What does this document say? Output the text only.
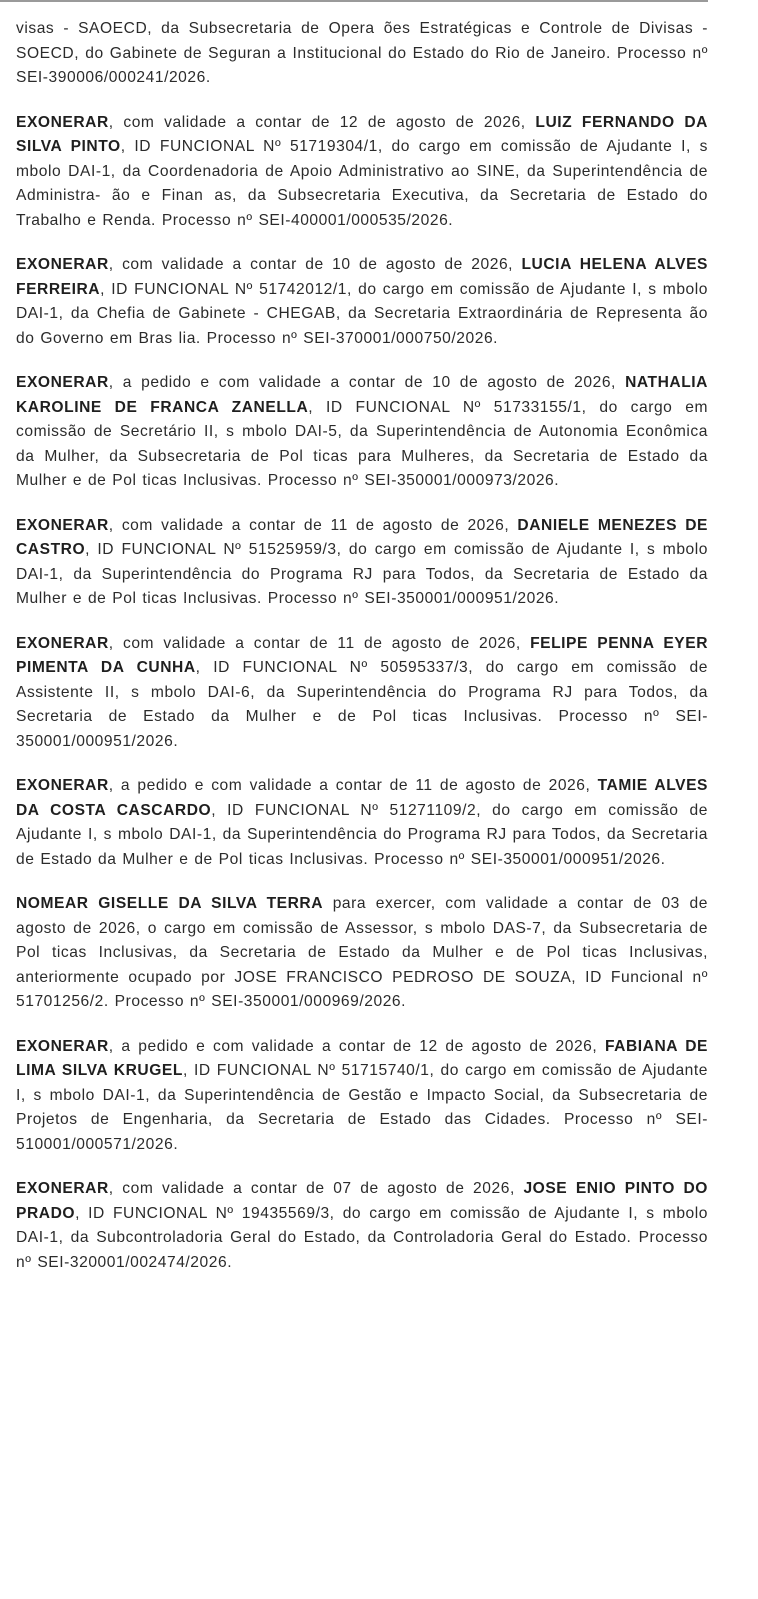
visas - SAOECD, da Subsecretaria de Opera ões Estratégicas e Controle de Divisas - SOECD, do Gabinete de Seguran a Institucional do Estado do Rio de Janeiro. Processo nº SEI-390006/000241/2026.

EXONERAR, com validade a contar de 12 de agosto de 2026, LUIZ FERNANDO DA SILVA PINTO, ID FUNCIONAL Nº 51719304/1, do cargo em comissão de Ajudante I, s mbolo DAI-1, da Coordenadoria de Apoio Administrativo ao SINE, da Superintendência de Administra- ão e Finan as, da Subsecretaria Executiva, da Secretaria de Estado do Trabalho e Renda. Processo nº SEI-400001/000535/2026.

EXONERAR, com validade a contar de 10 de agosto de 2026, LUCIA HELENA ALVES FERREIRA, ID FUNCIONAL Nº 51742012/1, do cargo em comissão de Ajudante I, s mbolo DAI-1, da Chefia de Gabinete - CHEGAB, da Secretaria Extraordinária de Representa ão do Governo em Bras lia. Processo nº SEI-370001/000750/2026.

EXONERAR, a pedido e com validade a contar de 10 de agosto de 2026, NATHALIA KAROLINE DE FRANCA ZANELLA, ID FUNCIONAL Nº 51733155/1, do cargo em comissão de Secretário II, s mbolo DAI-5, da Superintendência de Autonomia Econômica da Mulher, da Subsecretaria de Pol ticas para Mulheres, da Secretaria de Estado da Mulher e de Pol ticas Inclusivas. Processo nº SEI-350001/000973/2026.

EXONERAR, com validade a contar de 11 de agosto de 2026, DANIELE MENEZES DE CASTRO, ID FUNCIONAL Nº 51525959/3, do cargo em comissão de Ajudante I, s mbolo DAI-1, da Superintendência do Programa RJ para Todos, da Secretaria de Estado da Mulher e de Pol ticas Inclusivas. Processo nº SEI-350001/000951/2026.

EXONERAR, com validade a contar de 11 de agosto de 2026, FELIPE PENNA EYER PIMENTA DA CUNHA, ID FUNCIONAL Nº 50595337/3, do cargo em comissão de Assistente II, s mbolo DAI-6, da Superintendência do Programa RJ para Todos, da Secretaria de Estado da Mulher e de Pol ticas Inclusivas. Processo nº SEI-350001/000951/2026.

EXONERAR, a pedido e com validade a contar de 11 de agosto de 2026, TAMIE ALVES DA COSTA CASCARDO, ID FUNCIONAL Nº 51271109/2, do cargo em comissão de Ajudante I, s mbolo DAI-1, da Superintendência do Programa RJ para Todos, da Secretaria de Estado da Mulher e de Pol ticas Inclusivas. Processo nº SEI-350001/000951/2026.

NOMEAR GISELLE DA SILVA TERRA para exercer, com validade a contar de 03 de agosto de 2026, o cargo em comissão de Assessor, s mbolo DAS-7, da Subsecretaria de Pol ticas Inclusivas, da Secretaria de Estado da Mulher e de Pol ticas Inclusivas, anteriormente ocupado por JOSE FRANCISCO PEDROSO DE SOUZA, ID Funcional nº 51701256/2. Processo nº SEI-350001/000969/2026.

EXONERAR, a pedido e com validade a contar de 12 de agosto de 2026, FABIANA DE LIMA SILVA KRUGEL, ID FUNCIONAL Nº 51715740/1, do cargo em comissão de Ajudante I, s mbolo DAI-1, da Superintendência de Gestão e Impacto Social, da Subsecretaria de Projetos de Engenharia, da Secretaria de Estado das Cidades. Processo nº SEI-510001/000571/2026.

EXONERAR, com validade a contar de 07 de agosto de 2026, JOSE ENIO PINTO DO PRADO, ID FUNCIONAL Nº 19435569/3, do cargo em comissão de Ajudante I, s mbolo DAI-1, da Subcontroladoria Geral do Estado, da Controladoria Geral do Estado. Processo nº SEI-320001/002474/2026.
